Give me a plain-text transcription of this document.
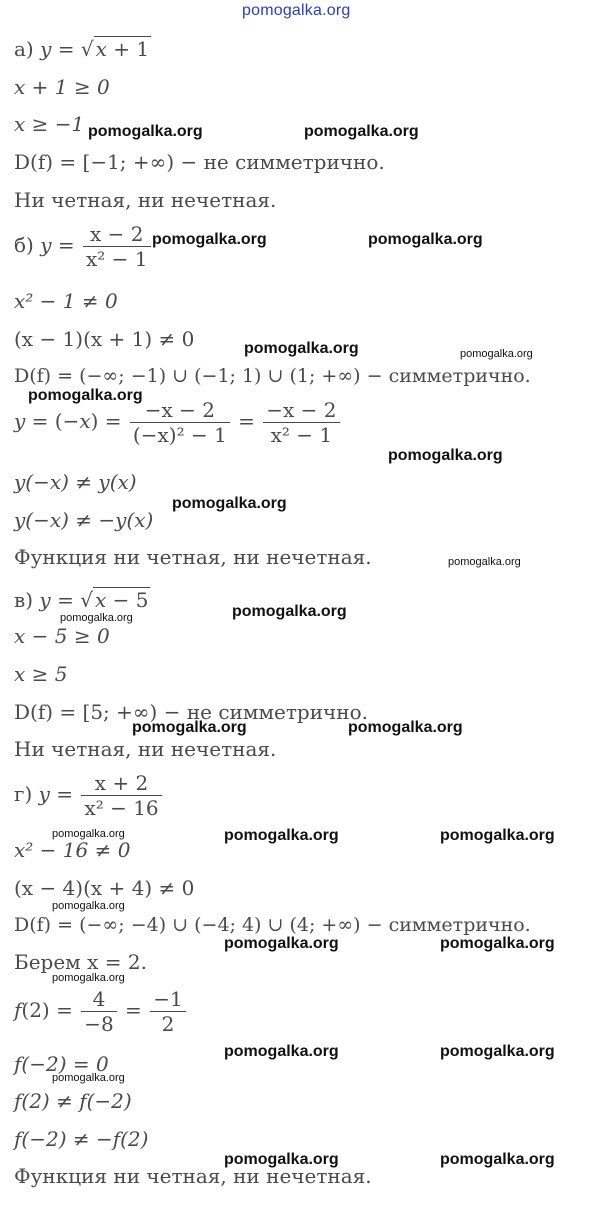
pomogalka.org
а) y = √ x + 1
x + 1 ≥ 0
x ≥ −1
D(f) = [−1; +∞) − не симметрично.
Ни четная, ни нечетная.
б) $y = \frac{x - 2}{\text{x² − 1}}$
x² − 1 ≠ 0
(x − 1)(x + 1) ≠ 0
D(f) = (−∞; −1) ∪ (−1; 1) ∪ (1; +∞) − симметрично.
$y = (-x) = \frac{-x - 2}{\text{(−x)² − 1}} = \frac{-x - 2}{\text{x² − 1}}$
y(−x) ≠ y(x)
y(−x) ≠ −y(x)
Функция ни четная, ни нечетная.
в) y = √ x − 5
x − 5 ≥ 0
x ≥ 5
D(f) = [5; +∞) − не симметрично.
Ни четная, ни нечетная.
г) $y = \frac{x + 2}{\text{x² − 16}}$
x² − 16 ≠ 0
(x − 4)(x + 4) ≠ 0
D(f) = (−∞; −4) ∪ (−4; 4) ∪ (4; +∞) − симметрично.
Берем x = 2.
$f(2) = \frac{4}{-8} = \frac{-1}{2}$
f(−2) = 0
f(2) ≠ f(−2)
f(−2) ≠ −f(2)
Функция ни четная, ни нечетная.
pomogalka.org	pomogalka.org
pomogalka.org	pomogalka.org
pomogalka.org	pomogalka.org
pomogalka.org
pomogalka.org
pomogalka.org
pomogalka.org
pomogalka.org
pomogalka.org
pomogalka.org	pomogalka.org
pomogalka.org	pomogalka.org	pomogalka.org
pomogalka.org
pomogalka.org	pomogalka.org
pomogalka.org
pomogalka.org	pomogalka.org
pomogalka.org
pomogalka.org	pomogalka.org
